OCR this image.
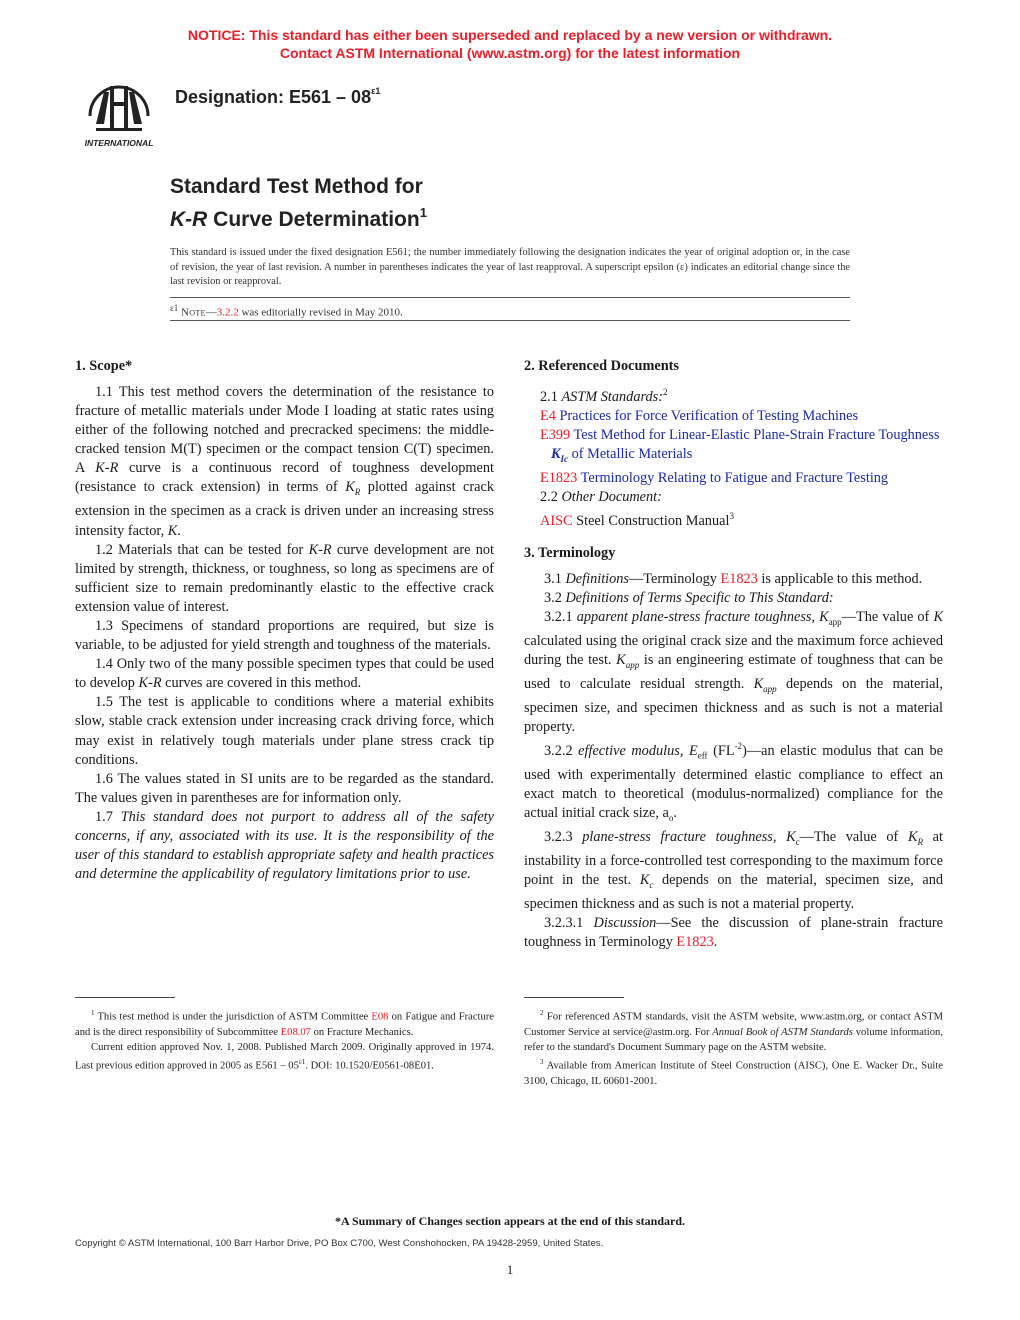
NOTICE: This standard has either been superseded and replaced by a new version or withdrawn.
Contact ASTM International (www.astm.org) for the latest information
INTERNATIONAL
Designation: $E561 - 08^{\varepsilon 1}$
Standard Test Method for
K-R Curve Determination$^1$
This standard is issued under the fixed designation E561; the number immediately following the designation indicates the year of original adoption or, in the case of revision, the year of last revision. A number in parentheses indicates the year of last reapproval. A superscript epsilon (ε) indicates an editorial change since the last revision or reapproval.
$^{\varepsilon 1}$ Note—3.2.2 was editorially revised in May 2010.
1. Scope*

1.1 This test method covers the determination of the resistance to fracture of metallic materials under Mode I loading at static rates using either of the following notched and precracked specimens: the middle-cracked tension M(T) specimen or the compact tension C(T) specimen. A K-R curve is a continuous record of toughness development (resistance to crack extension) in terms of $K_R$ plotted against crack extension in the specimen as a crack is driven under an increasing stress intensity factor, K.

1.2 Materials that can be tested for K-R curve development are not limited by strength, thickness, or toughness, so long as specimens are of sufficient size to remain predominantly elastic to the effective crack extension value of interest.

1.3 Specimens of standard proportions are required, but size is variable, to be adjusted for yield strength and toughness of the materials.

1.4 Only two of the many possible specimen types that could be used to develop K-R curves are covered in this method.

1.5 The test is applicable to conditions where a material exhibits slow, stable crack extension under increasing crack driving force, which may exist in relatively tough materials under plane stress crack tip conditions.

1.6 The values stated in SI units are to be regarded as the standard. The values given in parentheses are for information only.

1.7 This standard does not purport to address all of the safety concerns, if any, associated with its use. It is the responsibility of the user of this standard to establish appropriate safety and health practices and determine the applicability of regulatory limitations prior to use.

2. Referenced Documents

2.1 ASTM Standards:$^2$

E4 Practices for Force Verification of Testing Machines

E399 Test Method for Linear-Elastic Plane-Strain Fracture Toughness $K_{Ic}$ of Metallic Materials

E1823 Terminology Relating to Fatigue and Fracture Testing

2.2 Other Document:

AISC Steel Construction Manual$^3$

3. Terminology

3.1 Definitions—Terminology E1823 is applicable to this method.

3.2 Definitions of Terms Specific to This Standard:

3.2.1 apparent plane-stress fracture toughness, $K_{app}—The$ value of K calculated using the original crack size and the maximum force achieved during the test. $K_{app}$ is an engineering estimate of toughness that can be used to calculate residual strength. $K_{app}$ depends on the material, specimen size, and specimen thickness and as such is not a material property.

3.2.2 effective modulus, $E_{eff}$ $(FL^{-2})—an$ elastic modulus that can be used with experimentally determined elastic compliance to effect an exact match to theoretical (modulus-normalized) compliance for the actual initial crack size, $a_o$.

3.2.3 plane-stress fracture toughness, $K_c—The$ value of $K_R$ at instability in a force-controlled test corresponding to the maximum force point in the test. $K_c$ depends on the material, specimen size, and specimen thickness and as such is not a material property.

3.2.3.1 Discussion—See the discussion of plane-strain fracture toughness in Terminology E1823.

$^1$ This test method is under the jurisdiction of ASTM Committee E08 on Fatigue and Fracture and is the direct responsibility of Subcommittee E08.07 on Fracture Mechanics.

Current edition approved Nov. 1, 2008. Published March 2009. Originally approved in 1974. Last previous edition approved in 2005 as $E561 - 05^{\varepsilon 1}$. DOI: 10.1520/E0561-08E01.

$^2$ For referenced ASTM standards, visit the ASTM website, www.astm.org, or contact ASTM Customer Service at service@astm.org. For Annual Book of ASTM Standards volume information, refer to the standard's Document Summary page on the ASTM website.

$^3$ Available from American Institute of Steel Construction (AISC), One E. Wacker Dr., Suite 3100, Chicago, IL 60601-2001.

*A Summary of Changes section appears at the end of this standard.
Copyright © ASTM International, 100 Barr Harbor Drive, PO Box C700, West Conshohocken, PA 19428-2959, United States.
1
